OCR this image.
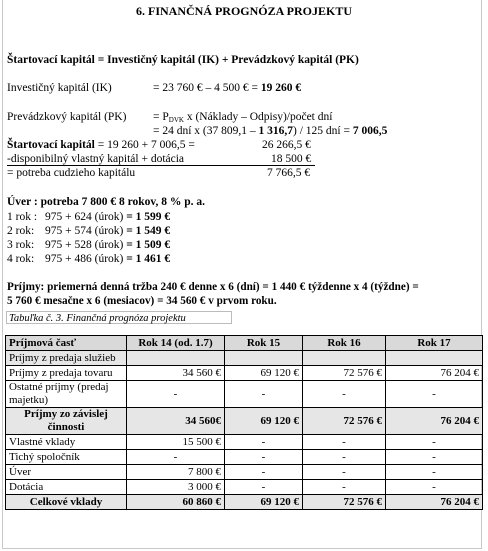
6. FINANČNÁ PROGNÓZA PROJEKTU
Štartovací kapitál = Investičný kapitál (IK) + Prevádzkový kapitál (PK)
Investičný kapitál (IK)	= 23 760 € – 4 500 € = 19 260 €
Prevádzkový kapitál $(PK) = P_{DVK}$ x (Náklady – Odpisy)/počet dní
= 24 dní x (37 809,1 – 1 316,7) / 125 dní = 7 006,5
Štartovací kapitál = 19 260 + 7 006,5 =	26 266,5 €
-disponibilný vlastný kapitál + dotácia	18 500 €
= potreba cudzieho kapitálu	7 766,5 €
Úver : potreba 7 800 € 8 rokov, 8 % p. a.
1 rok : 975 + 624 (úrok) = 1 599 €
2 rok: 975 + 574 (úrok) = 1 549 €
3 rok: 975 + 528 (úrok) = 1 509 €
4 rok: 975 + 486 (úrok) = 1 461 €
Príjmy: priemerná denná tržba 240 € denne x 6 (dní) = 1 440 € týždenne x 4 (týždne) =
5 760 € mesačne x 6 (mesiacov) = 34 560 € v prvom roku.
Tabuľka č. 3. Finančná prognóza projektu
Príjmová časť	Rok 14 (od. 1.7)	Rok 15	Rok 16	Rok 17
Príjmy z predaja služieb				
Príjmy z predaja tovaru	34 560 €	69 120 €	72 576 €	76 204 €
Ostatné príjmy (predaj majetku)	-	-	-	-
Príjmy zo závislej činnosti	34 560€	69 120 €	72 576 €	76 204 €
Vlastné vklady	15 500 €	-	-	-
Tichý spoločník	-	-	-	-
Úver	7 800 €	-	-	-
Dotácia	3 000 €	-	-	-
Celkové vklady	60 860 €	69 120 €	72 576 €	76 204 €
